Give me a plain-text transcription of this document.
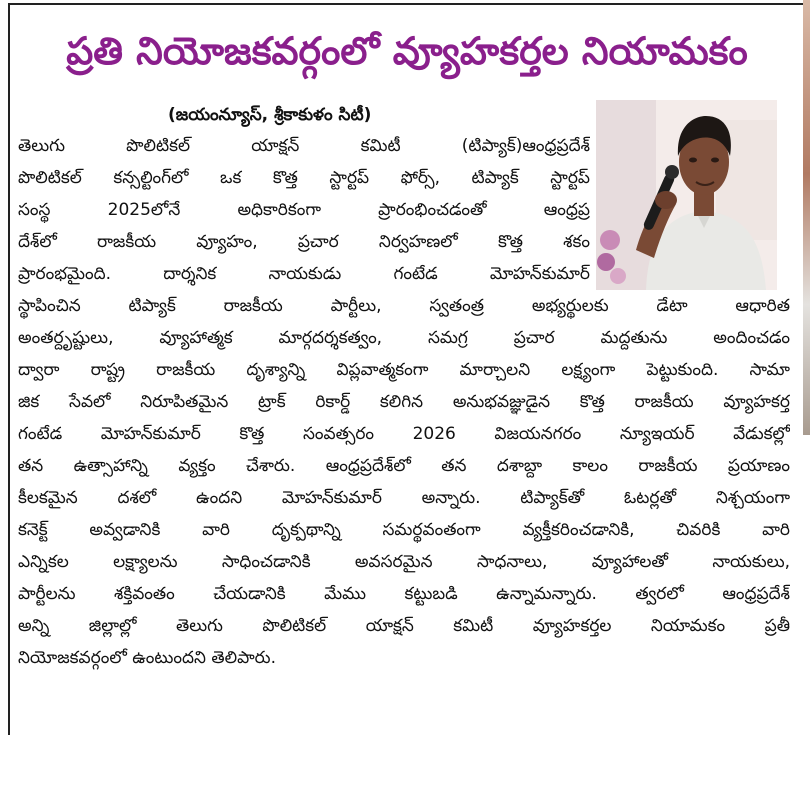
ప్రతి నియోజకవర్గంలో వ్యూహకర్తల నియామకం
(జయంన్యూస్, శ్రీకాకుళం సిటీ)
తెలుగు పొలిటికల్ యాక్షన్ కమిటీ (టిప్యాక్)ఆంధ్రప్రదేశ్
పొలిటికల్ కన్సల్టింగ్‌లో ఒక కొత్త స్టార్టప్ ఫోర్స్, టిప్యాక్ స్టార్టప్
సంస్థ 2025లోనే అధికారికంగా ప్రారంభించడంతో ఆంధ్రప్ర
దేశ్‌లో రాజకీయ వ్యూహం, ప్రచార నిర్వహణలో కొత్త శకం
ప్రారంభమైంది. దార్శనిక నాయకుడు గంటేడ మోహన్‌కుమార్
స్థాపించిన టిప్యాక్ రాజకీయ పార్టీలు, స్వతంత్ర అభ్యర్థులకు డేటా ఆధారిత
అంతర్దృష్టులు, వ్యూహాత్మక మార్గదర్శకత్వం, సమగ్ర ప్రచార మద్దతును అందించడం
ద్వారా రాష్ట్ర రాజకీయ దృశ్యాన్ని విప్లవాత్మకంగా మార్చాలని లక్ష్యంగా పెట్టుకుంది. సామా
జిక సేవలో నిరూపితమైన ట్రాక్ రికార్డ్ కలిగిన అనుభవజ్ఞుడైన కొత్త రాజకీయ వ్యూహకర్త
గంటేడ మోహన్‌కుమార్ కొత్త సంవత్సరం 2026 విజయనగరం న్యూఇయర్ వేడుకల్లో
తన ఉత్సాహాన్ని వ్యక్తం చేశారు. ఆంధ్రప్రదేశ్‌లో తన దశాబ్దా కాలం రాజకీయ ప్రయాణం
కీలకమైన దశలో ఉందని మోహన్‌కుమార్ అన్నారు. టిప్యాక్‌తో ఓటర్లతో నిశ్చయంగా
కనెక్ట్ అవ్వడానికి వారి దృక్పథాన్ని సమర్థవంతంగా వ్యక్తీకరించడానికి, చివరికి వారి
ఎన్నికల లక్ష్యాలను సాధించడానికి అవసరమైన సాధనాలు, వ్యూహాలతో నాయకులు,
పార్టీలను శక్తివంతం చేయడానికి మేము కట్టుబడి ఉన్నామన్నారు. త్వరలో ఆంధ్రప్రదేశ్
అన్ని జిల్లాల్లో తెలుగు పొలిటికల్ యాక్షన్ కమిటీ వ్యూహకర్తల నియామకం ప్రతీ
నియోజకవర్గంలో ఉంటుందని తెలిపారు.
